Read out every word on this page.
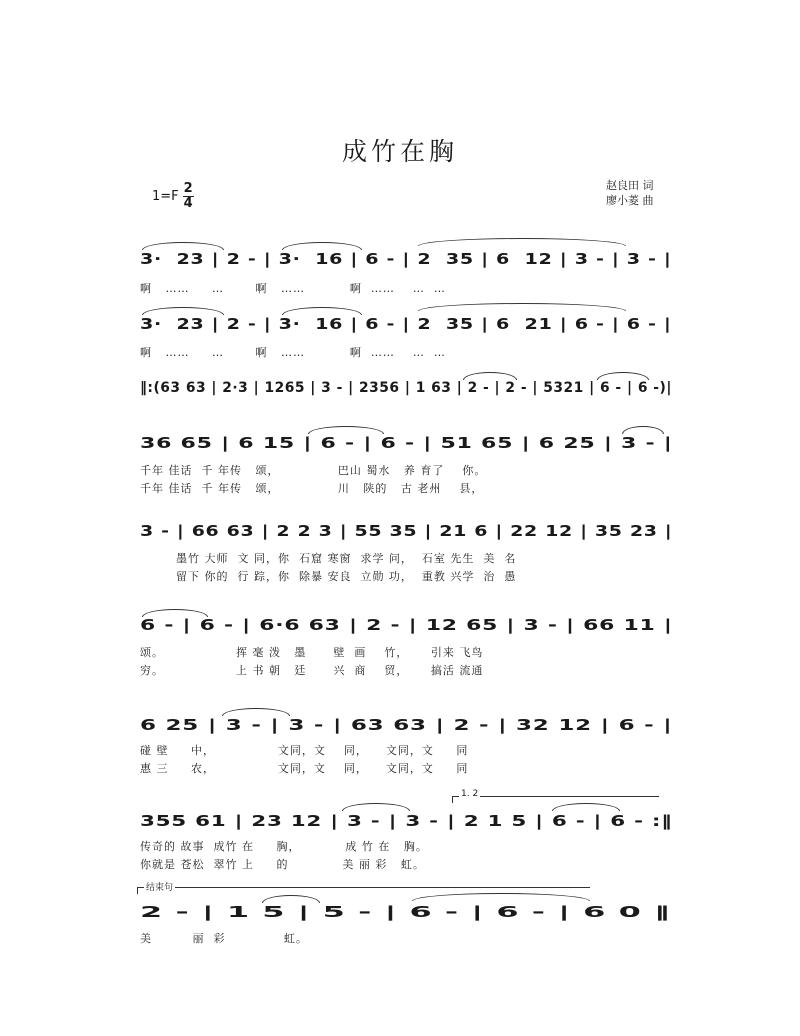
成竹在胸
$1=F \frac{2}{4}$	赵良田 词
廖小菱 曲
3·  23 | 2 - | 3·  16 | 6 - | 2  35 | 6  12 | 3 - | 3 - |
啊   ……     …       啊   ……          啊  ……    …  …
3·  23 | 2 - | 3·  16 | 6 - | 2  35 | 6  21 | 6 - | 6 - |
啊   ……     …       啊   ……          啊  ……    …  …
‖:(63 63 | 2·3 | 1265 | 3 - | 2356 | 1 63 | 2 - | 2 - | 5321 | 6 - | 6 -)|
36 65 | 6 15 | 6 - | 6 - | 51 65 | 6 25 | 3 - |
千年 佳话  千 年传   颂，             巴山 蜀水   养 育了    你。
千年 佳话  千 年传   颂，             川   陕的   古 老州    县，
3 - | 66 63 | 2 2 3 | 55 35 | 21 6 | 22 12 | 35 23 |
墨竹 大师  文 同，你  石窟 寒窗  求学 问，  石室 先生  美  名
留下 你的  行 踪，你  除暴 安良  立勋 功，  重教 兴学  治  愚
6 - | 6 - | 6·6 63 | 2 - | 12 65 | 3 - | 66 11 |
颂。                挥 毫 泼   墨      壁  画    竹，     引来 飞鸟
穷。                上 书 朝   廷      兴  商    贸，     搞活 流通
6 25 | 3 - | 3 - | 63 63 | 2 - | 32 12 | 6 - |
碰 壁     中，              文同，文    同，    文同，文     同
惠 三     农，              文同，文    同，    文同，文     同
1. 2
355 61 | 23 12 | 3 - | 3 - | 2 1 5 | 6 - | 6 - :‖
传奇的 故事  成竹 在     胸，          成 竹 在   胸。
你就是 苍松  翠竹 上     的            美 丽 彩   虹。
结束句
2 - | 1 5 | 5 - | 6 - | 6 - | 6 0 ‖
美         丽  彩             虹。
